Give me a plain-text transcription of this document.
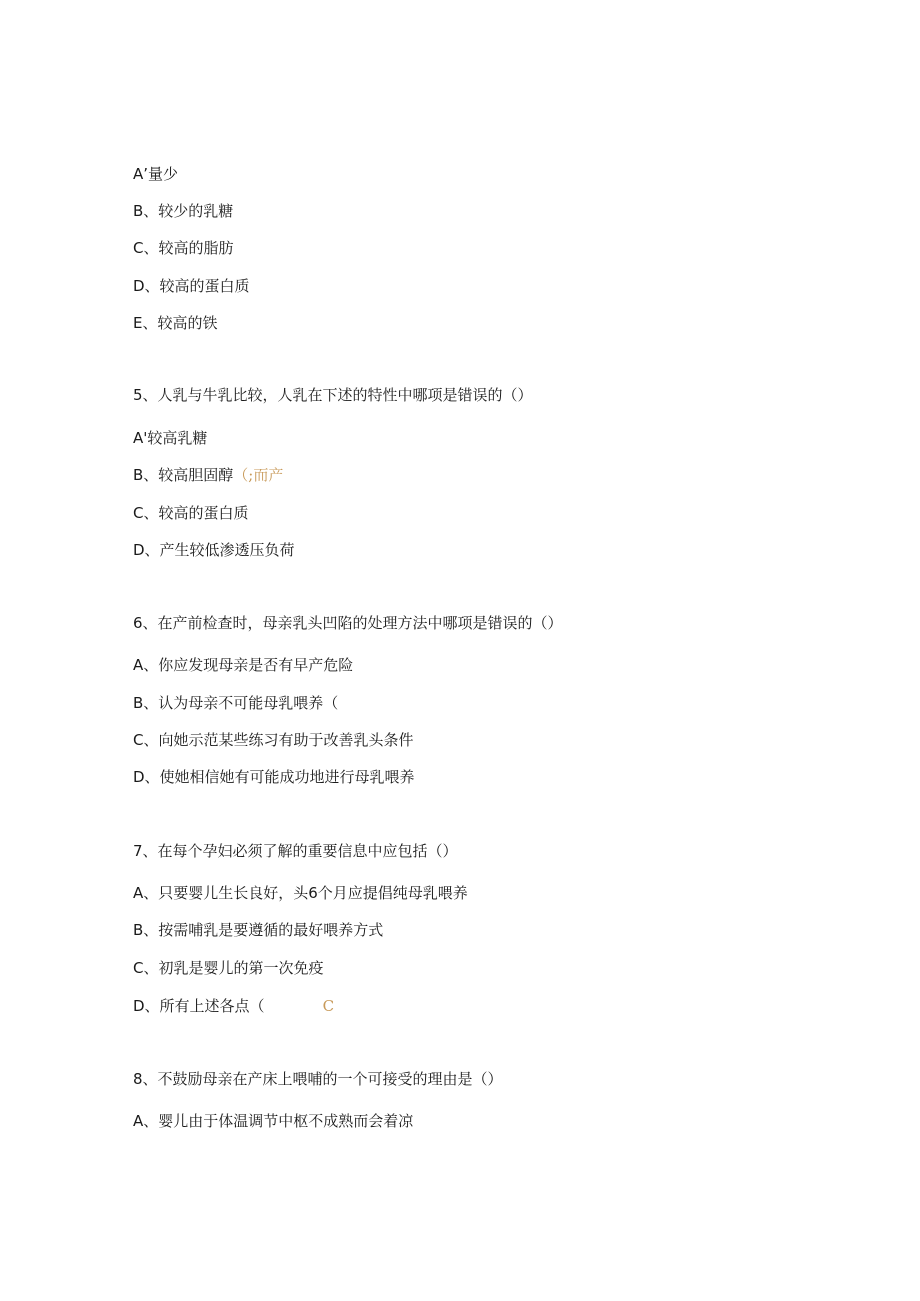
A’量少
B、较少的乳糖
C、较高的脂肪
D、较高的蛋白质
E、较高的铁
5、人乳与牛乳比较，人乳在下述的特性中哪项是错误的（）
A'较高乳糖
B、较高胆固醇（;而产
C、较高的蛋白质
D、产生较低渗透压负荷
6、在产前检查时，母亲乳头凹陷的处理方法中哪项是错误的（）
A、你应发现母亲是否有早产危险
B、认为母亲不可能母乳喂养（
C、向她示范某些练习有助于改善乳头条件
D、使她相信她有可能成功地进行母乳喂养
7、在每个孕妇必须了解的重要信息中应包括（）
A、只要婴儿生长良好，头6个月应提倡纯母乳喂养
B、按需哺乳是要遵循的最好喂养方式
C、初乳是婴儿的第一次免疫
D、所有上述各点（	C
8、不鼓励母亲在产床上喂哺的一个可接受的理由是（）
A、婴儿由于体温调节中枢不成熟而会着凉
